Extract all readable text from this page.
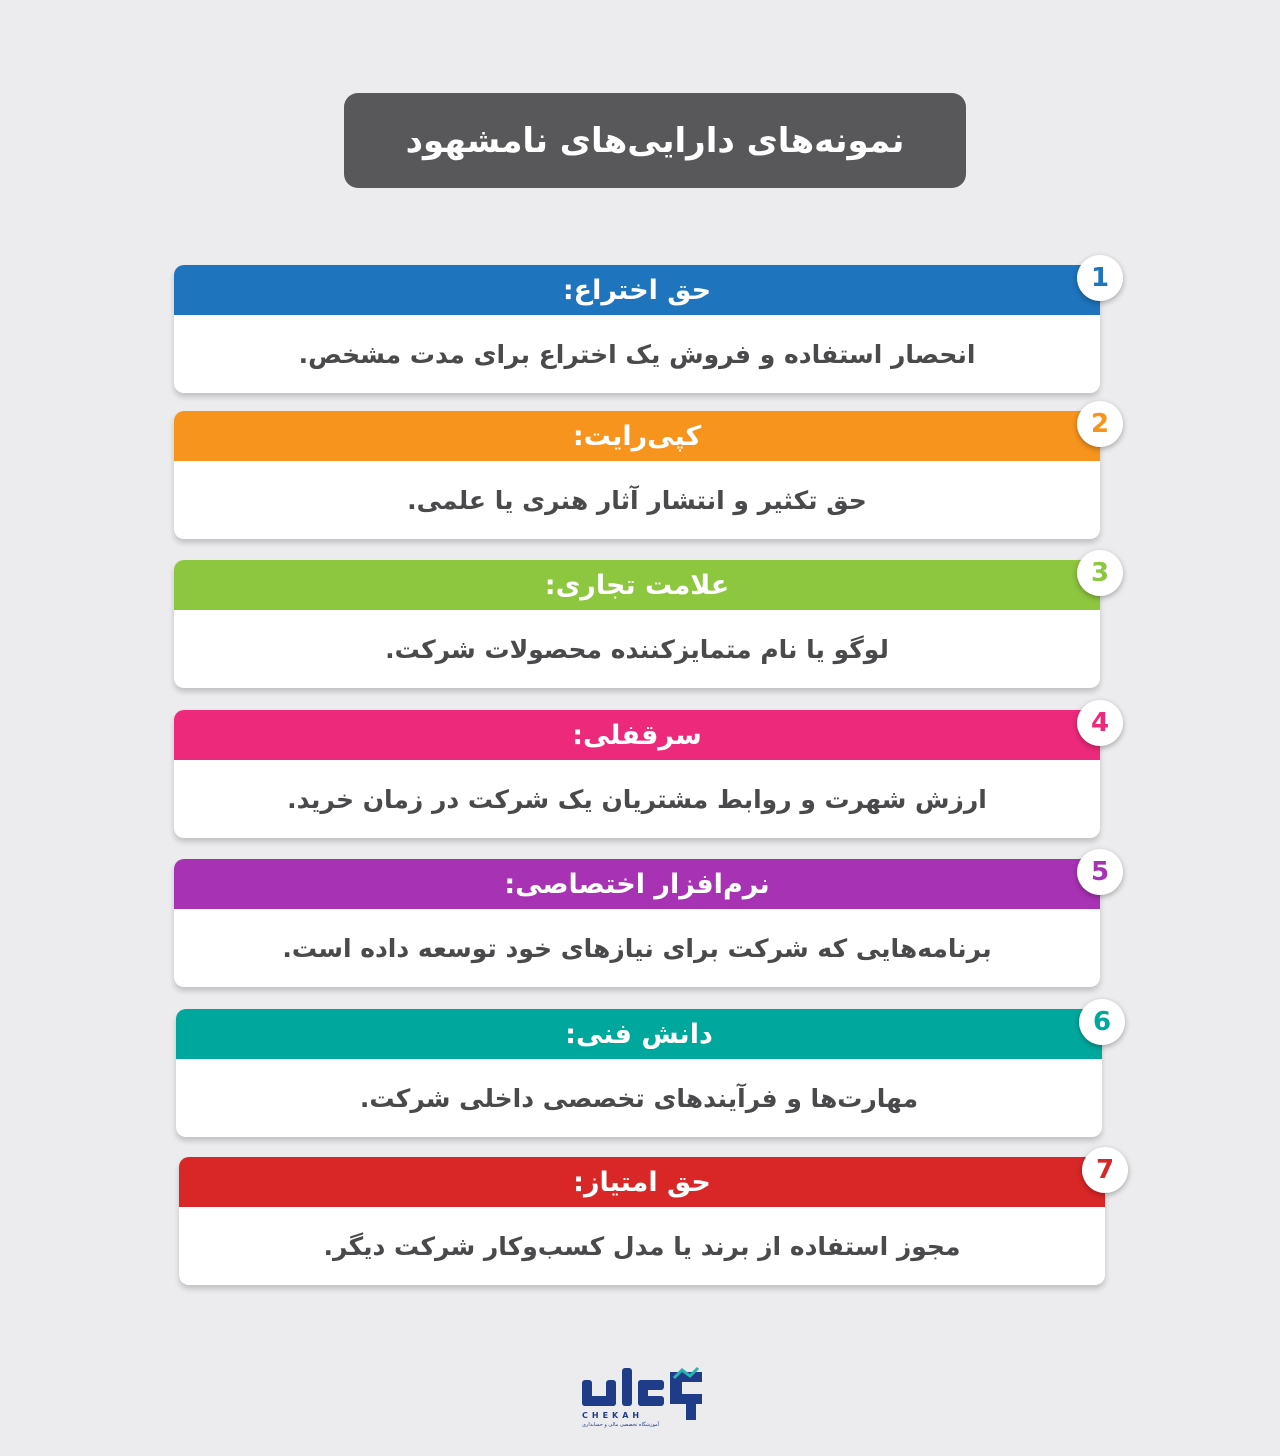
نمونه‌های دارایی‌های نامشهود
حق اختراع:
انحصار استفاده و فروش یک اختراع برای مدت مشخص.
1
کپی‌رایت:
حق تکثیر و انتشار آثار هنری یا علمی.
2
علامت تجاری:
لوگو یا نام متمایزکننده محصولات شرکت.
3
سرقفلی:
ارزش شهرت و روابط مشتریان یک شرکت در زمان خرید.
4
نرم‌افزار اختصاصی:
برنامه‌هایی که شرکت برای نیازهای خود توسعه داده است.
5
دانش فنی:
مهارت‌ها و فرآیندهای تخصصی داخلی شرکت.
6
حق امتیاز:
مجوز استفاده از برند یا مدل کسب‌وکار شرکت دیگر.
7
CHEKAH
آموزشگاه تخصصی مالی و حسابداری
